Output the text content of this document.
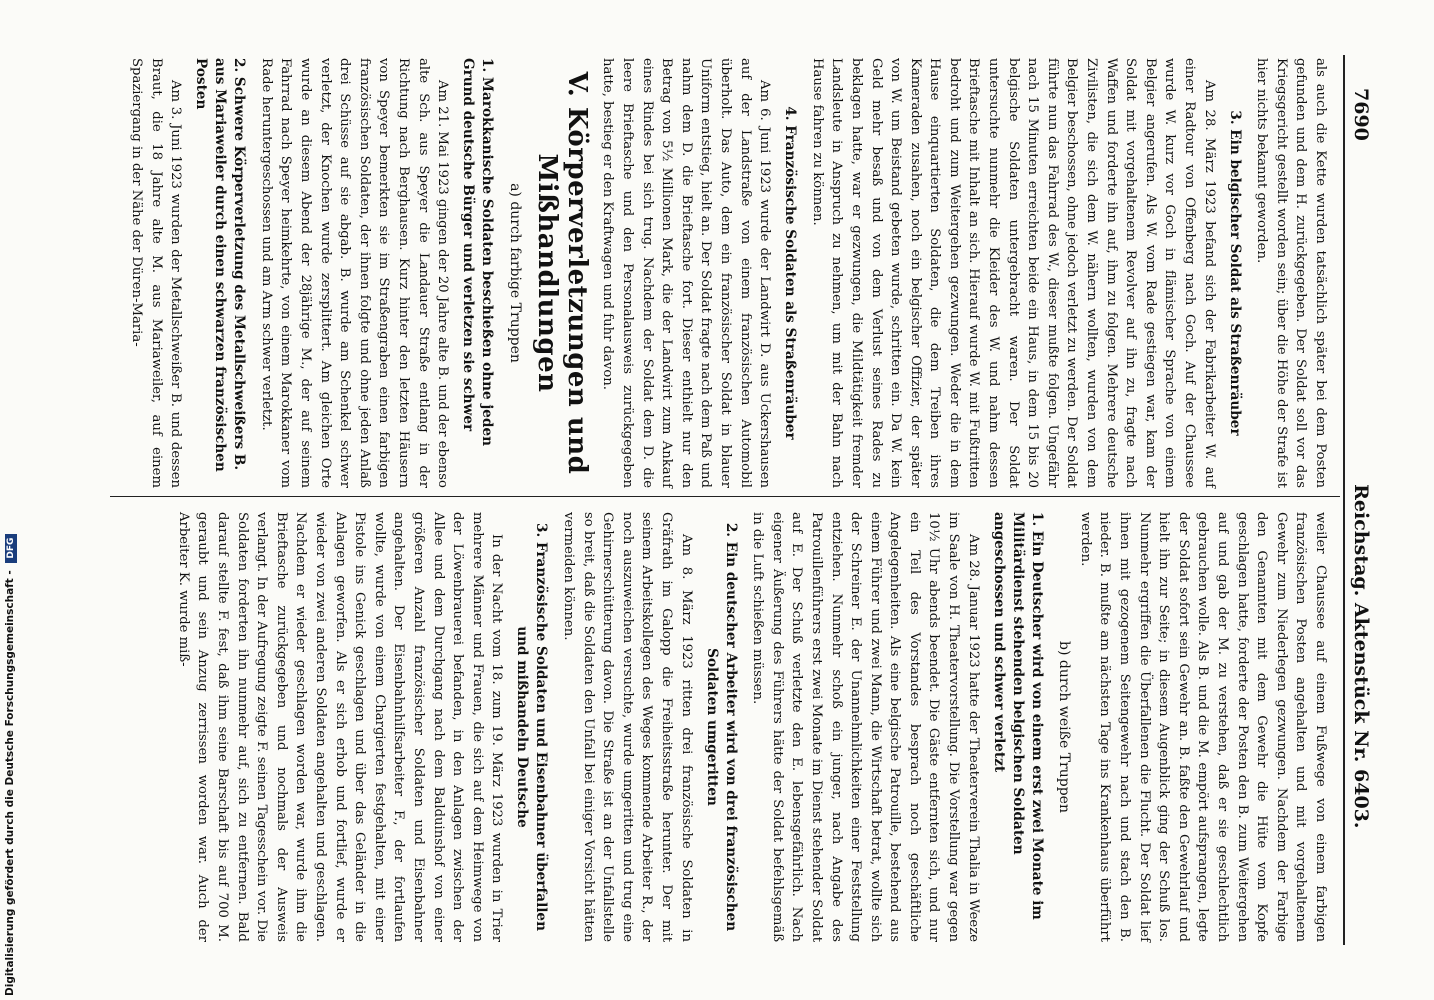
7690  Reichstag. Aktenstück Nr. 6403.

als auch die Kette wurden tatsächlich später bei dem Posten gefunden und dem H. zurückgegeben. Der Soldat soll vor das Kriegsgericht gestellt worden sein; über die Höhe der Strafe ist hier nichts bekannt geworden.

3. Ein belgischer Soldat als Straßenräuber

Am 28. März 1923 befand sich der Fabrikarbeiter W. auf einer Radtour von Offenberg nach Goch. Auf der Chaussee wurde W. kurz vor Goch in flämischer Sprache von einem Belgier angerufen. Als W. vom Rade gestiegen war, kam der Soldat mit vorgehaltenem Revolver auf ihn zu, fragte nach Waffen und forderte ihn auf, ihm zu folgen. Mehrere deutsche Zivilisten, die sich dem W. nähern wollten, wurden von dem Belgier beschossen, ohne jedoch verletzt zu werden. Der Soldat führte nun das Fahrrad des W., dieser mußte folgen. Ungefähr nach 15 Minuten erreichten beide ein Haus, in dem 15 bis 20 belgische Soldaten untergebracht waren. Der Soldat untersuchte nunmehr die Kleider des W. und nahm dessen Brieftasche mit Inhalt an sich. Hierauf wurde W. mit Fußtritten bedroht und zum Weitergehen gezwungen. Weder die in dem Hause einquartierten Soldaten, die dem Treiben ihres Kameraden zusahen, noch ein belgischer Offizier, der später von W. um Beistand gebeten wurde, schritten ein. Da W. kein Geld mehr besaß und von dem Verlust seines Rades zu beklagen hatte, war er gezwungen, die Mildtätigkeit fremder Landsleute in Anspruch zu nehmen, um mit der Bahn nach Hause fahren zu können.

4. Französische Soldaten als Straßenräuber

Am 6. Juni 1923 wurde der Landwirt D. aus Uckershausen auf der Landstraße von einem französischen Automobil überholt. Das Auto, dem ein französischer Soldat in blauer Uniform entstieg, hielt an. Der Soldat fragte nach dem Paß und nahm dem D. die Brieftasche fort. Dieser enthielt nur den Betrag von 5½ Millionen Mark, die der Landwirt zum Ankauf eines Rindes bei sich trug. Nachdem der Soldat dem D. die leere Brieftasche und den Personalausweis zurückgegeben hatte, bestieg er den Kraftwagen und fuhr davon.

V. Körperverletzungen und Mißhandlungen
a) durch farbige Truppen
1. Marokkanische Soldaten beschießen ohne jeden Grund deutsche Bürger und verletzen sie schwer

Am 21. Mai 1923 gingen der 20 Jahre alte B. und der ebenso alte Sch. aus Speyer die Landauer Straße entlang in der Richtung nach Berghausen. Kurz hinter den letzten Häusern von Speyer bemerkten sie im Straßengraben einen farbigen französischen Soldaten, der ihnen folgte und ohne jeden Anlaß drei Schüsse auf sie abgab. B. wurde am Schenkel schwer verletzt, der Knochen wurde zersplittert. Am gleichen Orte wurde an diesem Abend der 28jährige M., der auf seinem Fahrrad nach Speyer heimkehrte, von einem Marokkaner vom Rade heruntergeschossen und am Arm schwer verletzt.

2. Schwere Körperverletzung des Metallschweißers B. aus Mariaweiler durch einen schwarzen französischen Posten

Am 3. Juni 1923 wurden der Metallschweißer B. und dessen Braut, die 18 Jahre alte M. aus Mariaweiler, auf einem Spaziergang in der Nähe der Düren-Maria-

weiler Chaussee auf einem Fußwege von einem farbigen französischen Posten angehalten und mit vorgehaltenem Gewehr zum Niederlegen gezwungen. Nachdem der Farbige den Genannten mit dem Gewehr die Hüte vom Kopfe geschlagen hatte, forderte der Posten den B. zum Weitergehen auf und gab der M. zu verstehen, daß er sie geschlechtlich gebrauchen wolle. Als B. und die M. empört aufsprangen, legte der Soldat sofort sein Gewehr an. B. faßte den Gewehrlauf und hielt ihn zur Seite; in diesem Augenblick ging der Schuß los. Nunmehr ergriffen die Überfallenen die Flucht. Der Soldat lief ihnen mit gezogenem Seitengewehr nach und stach den B. nieder. B. mußte am nächsten Tage ins Krankenhaus überführt werden.

b) durch weiße Truppen
1. Ein Deutscher wird von einem erst zwei Monate im Militärdienst stehenden belgischen Soldaten angeschossen und schwer verletzt

Am 28. Januar 1923 hatte der Theaterverein Thalia in Weeze im Saale von H. Theatervorstellung. Die Vorstellung war gegen 10½ Uhr abends beendet. Die Gäste entfernten sich, und nur ein Teil des Vorstandes besprach noch geschäftliche Angelegenheiten. Als eine belgische Patrouille, bestehend aus einem Führer und zwei Mann, die Wirtschaft betrat, wollte sich der Schreiner E. der Unannehmlichkeiten einer Feststellung entziehen. Nunmehr schoß ein junger, nach Angabe des Patrouillenführers erst zwei Monate im Dienst stehender Soldat auf E. Der Schuß verletzte den E. lebensgefährlich. Nach eigener Äußerung des Führers hätte der Soldat befehlsgemäß in die Luft schießen müssen.

2. Ein deutscher Arbeiter wird von drei französischen Soldaten umgeritten

Am 8. März 1923 ritten drei französische Soldaten in Gräfrath im Galopp die Freiheitsstraße herunter. Der mit seinem Arbeitskollegen des Weges kommende Arbeiter R., der noch auszuweichen versuchte, wurde umgeritten und trug eine Gehirnerschütterung davon. Die Straße ist an der Unfallstelle so breit, daß die Soldaten den Unfall bei einiger Vorsicht hätten vermeiden können.

3. Französische Soldaten und Eisenbahner überfallen und mißhandeln Deutsche

In der Nacht vom 18. zum 19. März 1923 wurden in Trier mehrere Männer und Frauen, die sich auf dem Heimwege von der Löwenbrauerei befanden, in den Anlagen zwischen der Allee und dem Durchgang nach dem Balduinshof von einer größeren Anzahl französischer Soldaten und Eisenbahner angehalten. Der Eisenbahnhilfsarbeiter F., der fortlaufen wollte, wurde von einem Chargierten festgehalten, mit einer Pistole ins Genick geschlagen und über das Geländer in die Anlagen geworfen. Als er sich erhob und fortlief, wurde er wieder von zwei anderen Soldaten angehalten und geschlagen. Nachdem er wieder geschlagen worden war, wurde ihm die Brieftasche zurückgegeben und nochmals der Ausweis verlangt. In der Aufregung zeigte F. seinen Tagesschein vor. Die Soldaten forderten ihn nunmehr auf, sich zu entfernen. Bald darauf stellte F. fest, daß ihm seine Barschaft bis auf 700 M. geraubt und sein Anzug zerrissen worden war. Auch der Arbeiter K. wurde miß-

Digitalisierung gefördert durch die Deutsche Forschungsgemeinschaft - DFG
